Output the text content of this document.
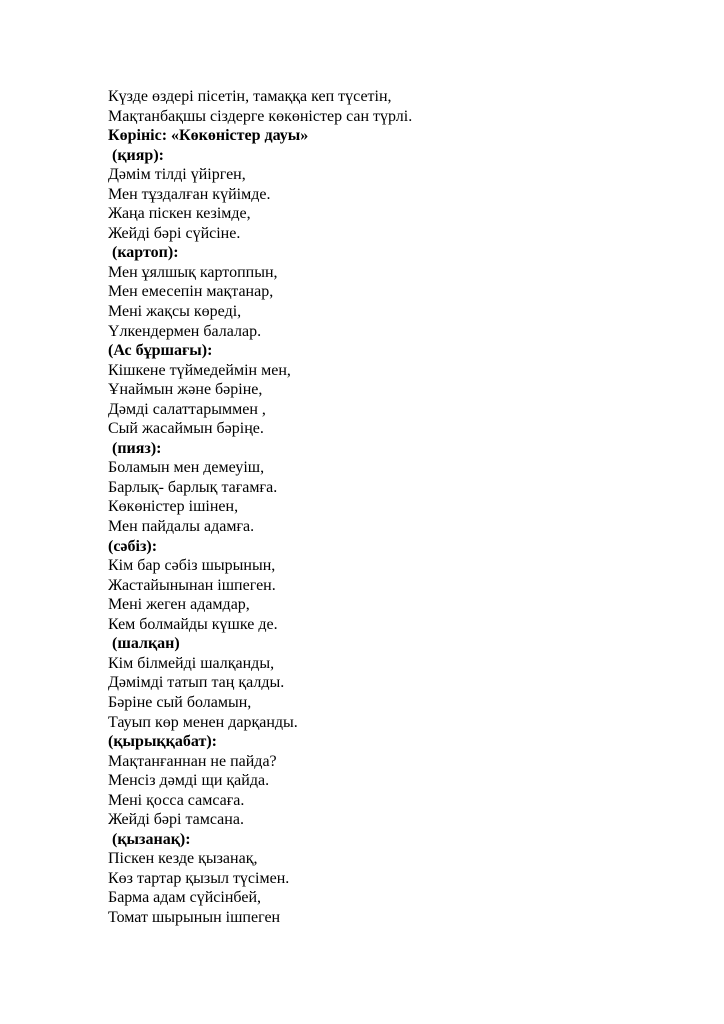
Күзде өздері пісетін, тамаққа кеп түсетін,
Мақтанбақшы сіздерге көкөністер сан түрлі.
Көрініс: «Көкөністер дауы»
(қияр):
Дәмім тілді үйірген,
Мен тұздалған күйімде.
Жаңа піскен кезімде,
Жейді бәрі сүйсіне.
(картоп):
Мен ұялшық картоппын,
Мен емесепін мақтанар,
Мені жақсы көреді,
Үлкендермен балалар.
(Ас бұршағы):
Кішкене түймедеймін мен,
Ұнаймын және бәріне,
Дәмді салаттарыммен ,
Сый жасаймын бәріңе.
(пияз):
Боламын мен демеуіш,
Барлық- барлық тағамға.
Көкөністер ішінен,
Мен пайдалы адамға.
(сәбіз):
Кім бар сәбіз шырынын,
Жастайынынан ішпеген.
Мені жеген адамдар,
Кем болмайды күшке де.
(шалқан)
Кім білмейді шалқанды,
Дәмімді татып таң қалды.
Бәріне сый боламын,
Тауып көр менен дарқанды.
(қырыққабат):
Мақтанғаннан не пайда?
Менсіз дәмді щи қайда.
Мені қосса самсаға.
Жейді бәрі тамсана.
(қызанақ):
Піскен кезде қызанақ,
Көз тартар қызыл түсімен.
Барма адам сүйсінбей,
Томат шырынын ішпеген
